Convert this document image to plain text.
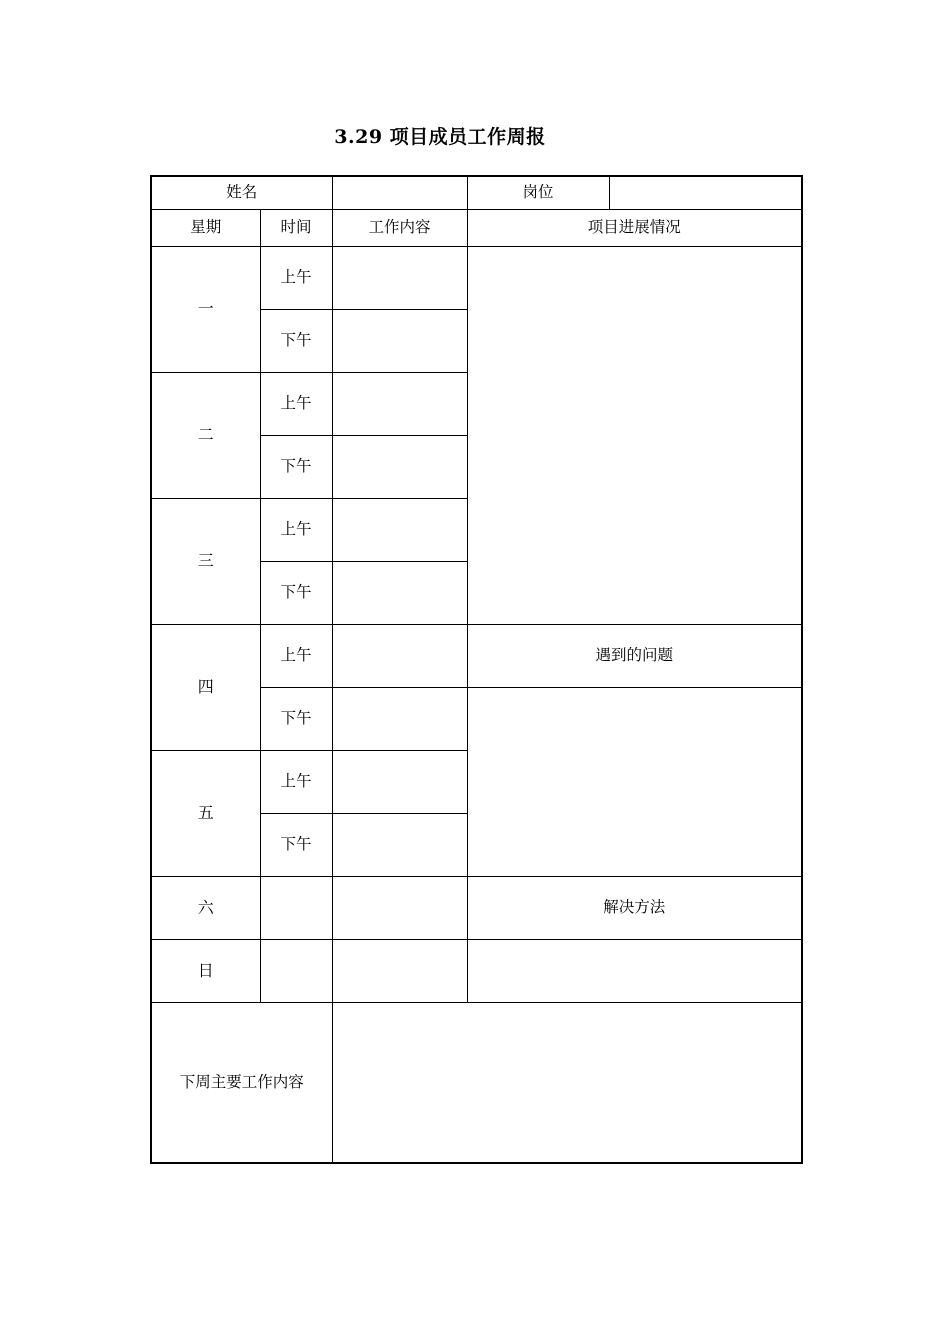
3.29 项目成员工作周报
姓名			岗位	
星期	时间	工作内容	项目进展情况	
一	上午			
	下午			
二	上午			
	下午			
三	上午			
	下午			
四	上午		遇到的问题	
	下午			
五	上午			
	下午			
六			解决方法	
日				
下周主要工作内容				
